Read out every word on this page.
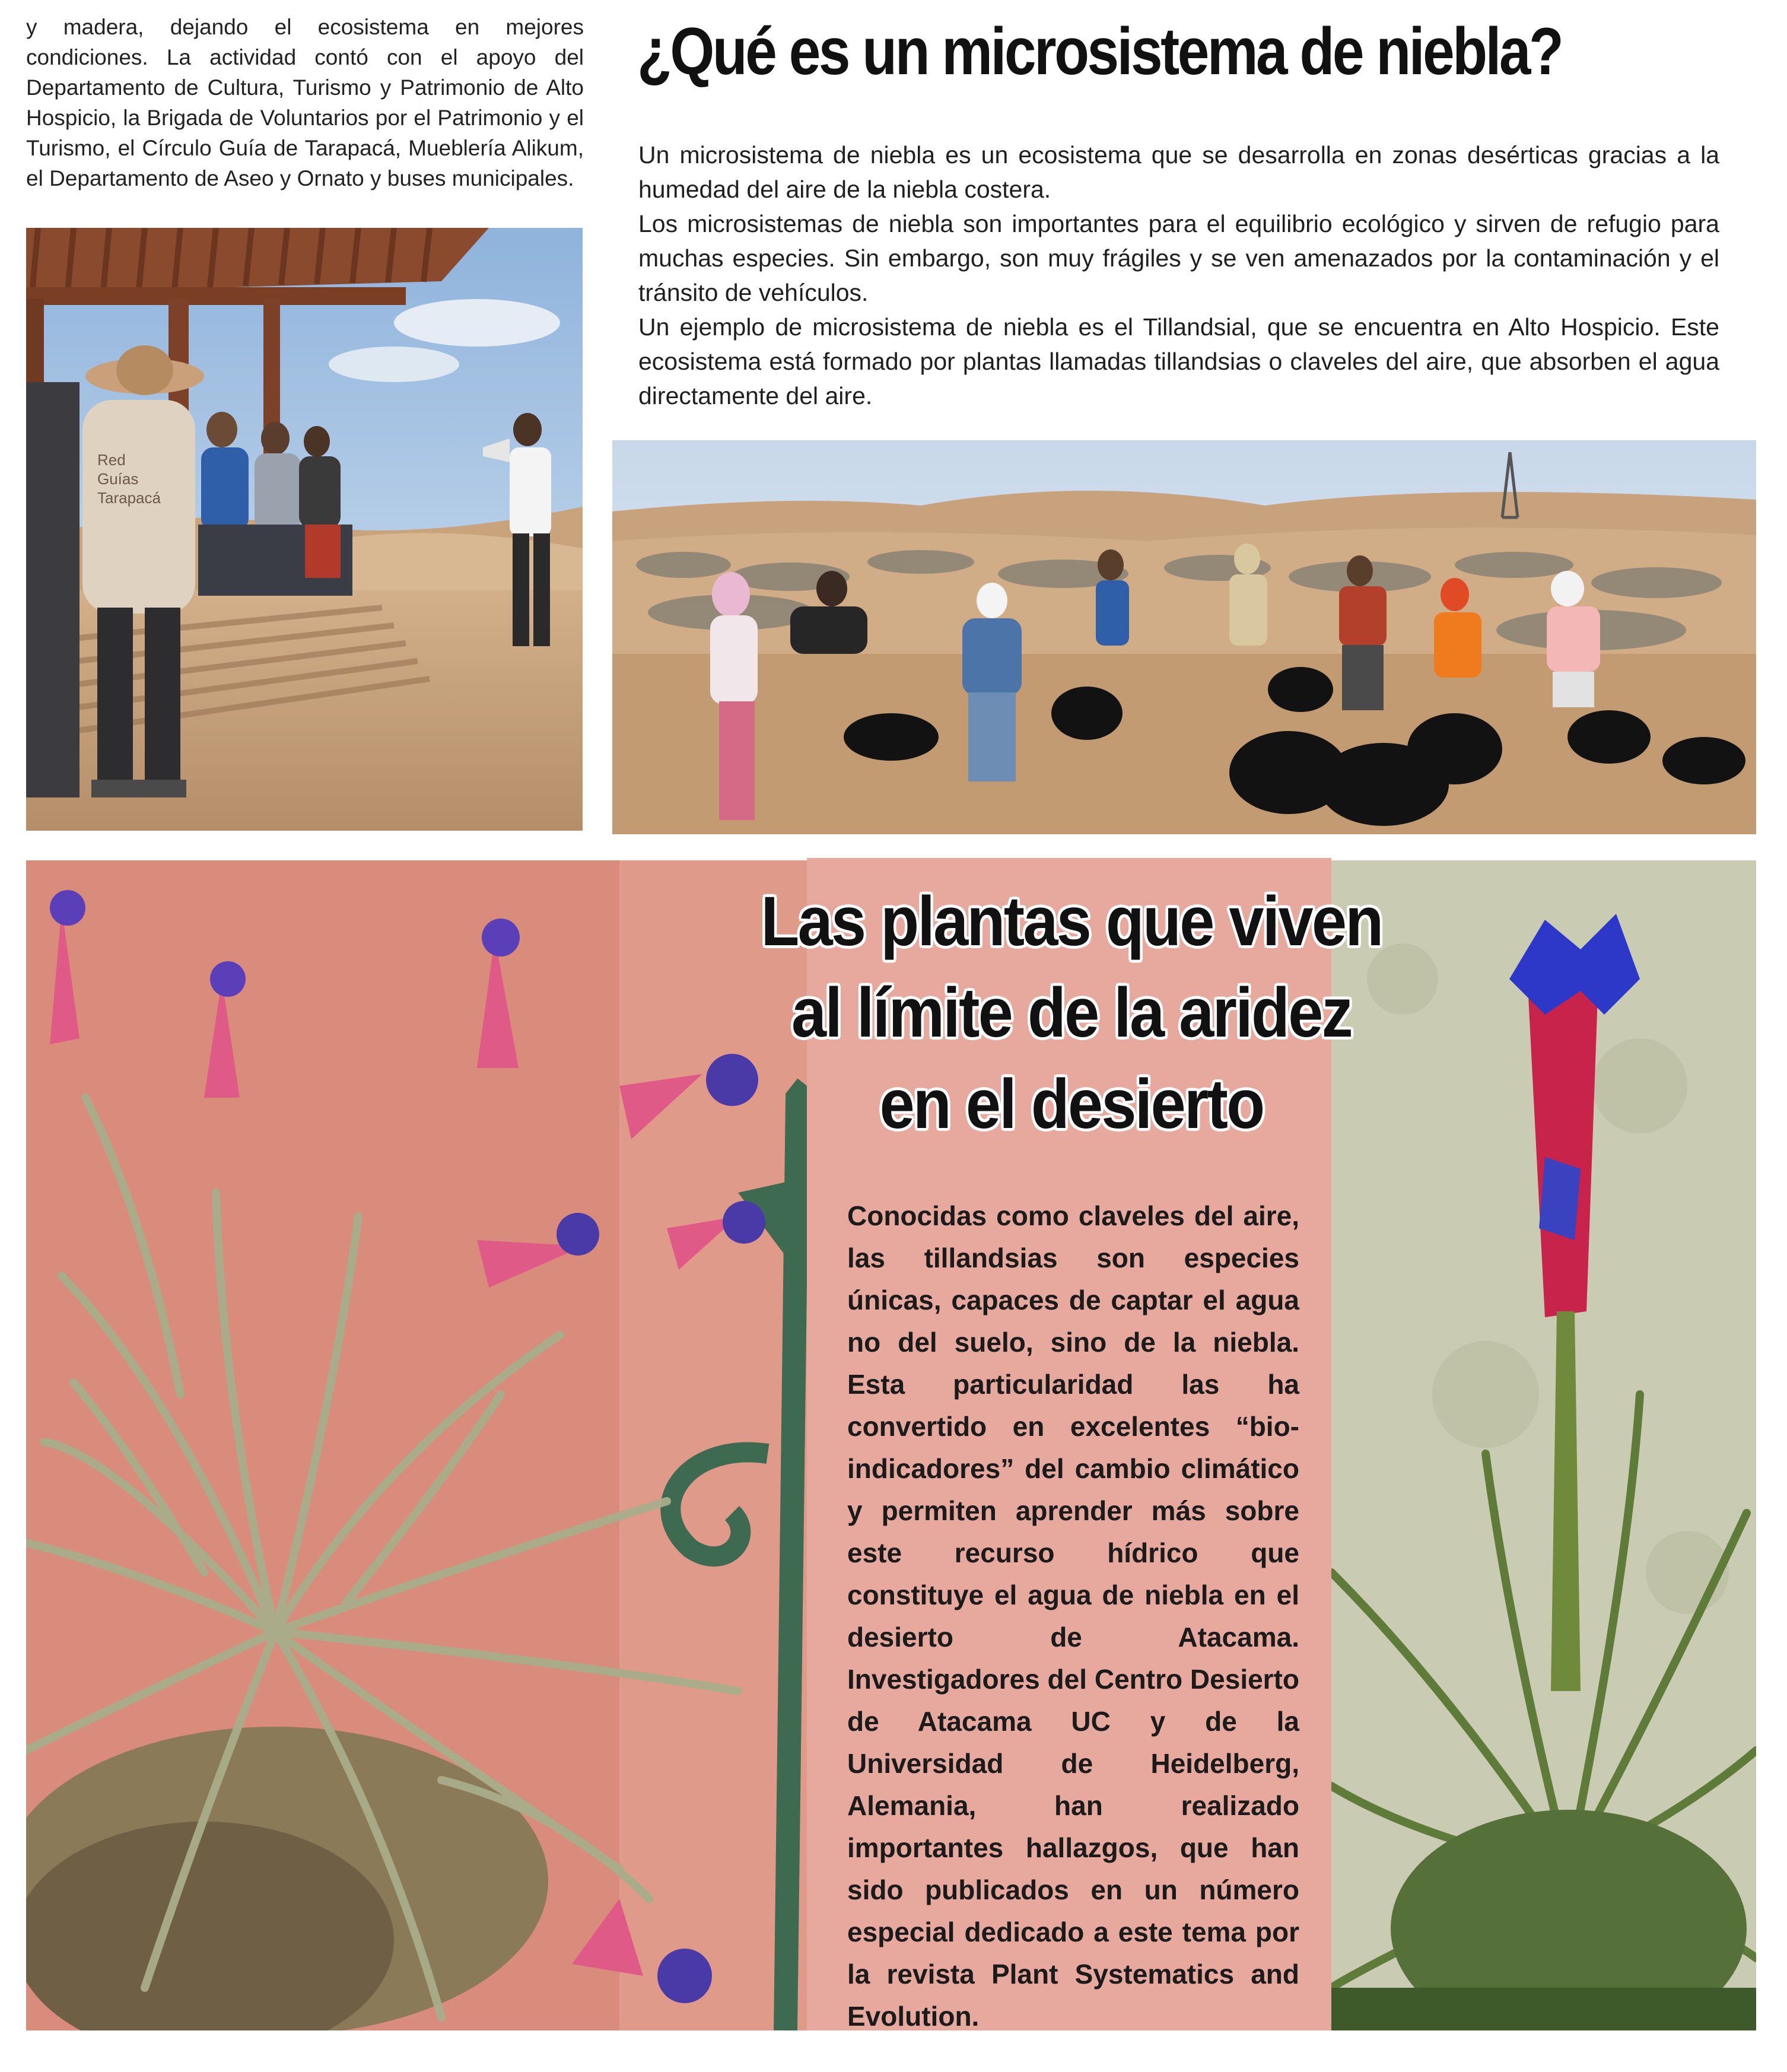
y madera, dejando el ecosistema en mejores condiciones. La actividad contó con el apoyo del Departamento de Cultura, Turismo y Patrimonio de Alto Hospicio, la Brigada de Voluntarios por el Patrimonio y el Turismo, el Círculo Guía de Tarapacá, Mueblería Alikum, el Departamento de Aseo y Ornato y buses municipales.

¿Qué es un microsistema de niebla?

Un microsistema de niebla es un ecosistema que se desarrolla en zonas desérticas gracias a la humedad del aire de la niebla costera.

Los microsistemas de niebla son importantes para el equilibrio ecológico y sirven de refugio para muchas especies. Sin embargo, son muy frágiles y se ven amenazados por la contaminación y el tránsito de vehículos.

Un ejemplo de microsistema de niebla es el Tillandsial, que se encuentra en Alto Hospicio. Este ecosistema está formado por plantas llamadas tillandsias o claveles del aire, que absorben el agua directamente del aire.

Red
Guías
Tarapacá
Las plantas que viven
al límite de la aridez
en el desierto

Conocidas como claveles del aire, las tillandsias son especies únicas, capaces de captar el agua no del suelo, sino de la niebla. Esta particularidad las ha convertido en excelentes “bio-indicadores” del cambio climático y permiten aprender más sobre este recurso hídrico que constituye el agua de niebla en el desierto de Atacama. Investigadores del Centro Desierto de Atacama UC y de la Universidad de Heidelberg, Alemania, han realizado importantes hallazgos, que han sido publicados en un número especial dedicado a este tema por la revista Plant Systematics and Evolution.
